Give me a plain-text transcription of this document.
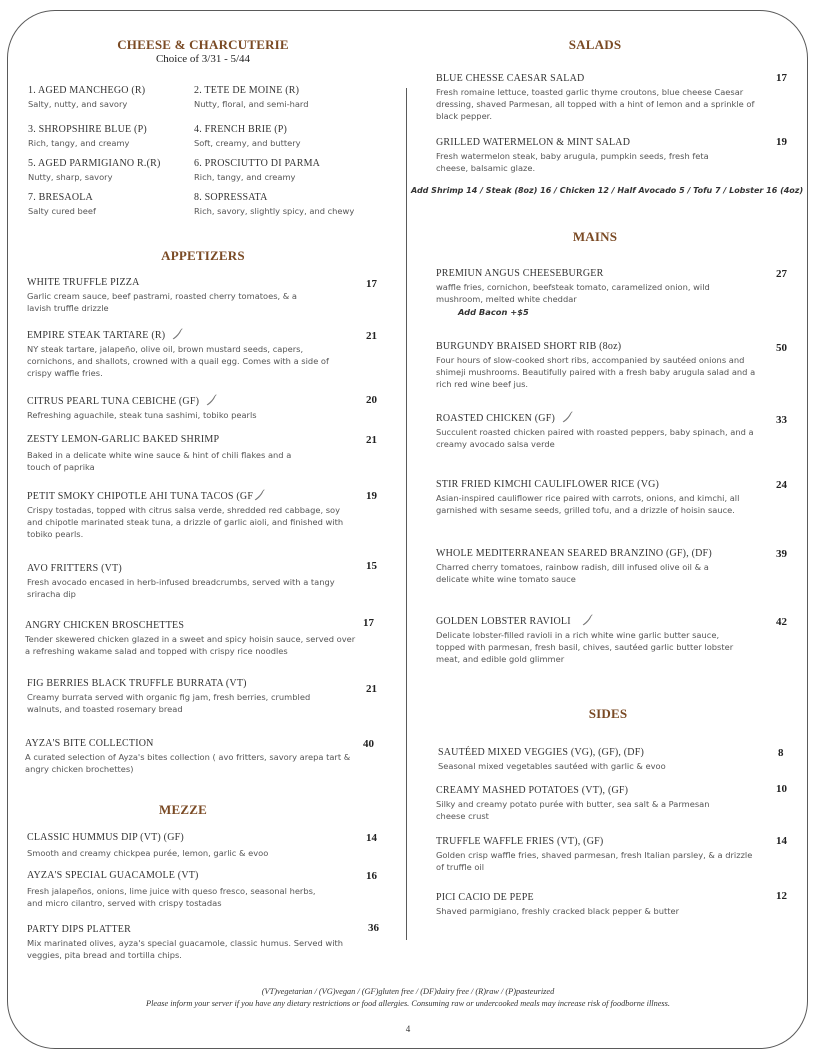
CHEESE & CHARCUTERIE
Choice of 3/31 - 5/44
1. AGED MANCHEGO (R)
Salty, nutty, and savory
2. TETE DE MOINE (R)
Nutty, floral, and semi-hard
3. SHROPSHIRE BLUE (P)
Rich, tangy, and creamy
4. FRENCH BRIE (P)
Soft, creamy, and buttery
5. AGED PARMIGIANO R.(R)
Nutty, sharp, savory
6. PROSCIUTTO DI PARMA
Rich, tangy, and creamy
7. BRESAOLA
Salty cured beef
8. SOPRESSATA
Rich, savory, slightly spicy, and chewy
APPETIZERS
WHITE TRUFFLE PIZZA
Garlic cream sauce, beef pastrami, roasted cherry tomatoes, & a lavish truffle drizzle
17
EMPIRE STEAK TARTARE (R)
NY steak tartare, jalapeño, olive oil, brown mustard seeds, capers, cornichons, and shallots, crowned with a quail egg. Comes with a side of crispy waffle fries.
21
CITRUS PEARL TUNA CEBICHE (GF)
Refreshing aguachile, steak tuna sashimi, tobiko pearls
20
ZESTY LEMON-GARLIC BAKED SHRIMP
Baked in a delicate white wine sauce & hint of chili flakes and a touch of paprika
21
PETIT SMOKY CHIPOTLE AHI TUNA TACOS (GF
Crispy tostadas, topped with citrus salsa verde, shredded red cabbage, soy and chipotle marinated steak tuna, a drizzle of garlic aioli, and finished with tobiko pearls.
19
AVO FRITTERS (VT)
Fresh avocado encased in herb-infused breadcrumbs, served with a tangy sriracha dip
15
ANGRY CHICKEN BROSCHETTES
Tender skewered chicken glazed in a sweet and spicy hoisin sauce, served over a refreshing wakame salad and topped with crispy rice noodles
17
FIG BERRIES BLACK TRUFFLE BURRATA (VT)
Creamy burrata served with organic fig jam, fresh berries, crumbled walnuts, and toasted rosemary bread
21
AYZA'S BITE COLLECTION
A curated selection of Ayza's bites collection ( avo fritters, savory arepa tart & angry chicken brochettes)
40
MEZZE
CLASSIC HUMMUS DIP (VT) (GF)
Smooth and creamy chickpea purée, lemon, garlic & evoo
14
AYZA'S SPECIAL GUACAMOLE (VT)
Fresh jalapeños, onions, lime juice with queso fresco, seasonal herbs, and micro cilantro, served with crispy tostadas
16
PARTY DIPS PLATTER
Mix marinated olives, ayza's special guacamole, classic humus. Served with veggies, pita bread and tortilla chips.
36
SALADS
BLUE CHESSE CAESAR SALAD
Fresh romaine lettuce, toasted garlic thyme croutons, blue cheese Caesar dressing, shaved Parmesan, all topped with a hint of lemon and a sprinkle of black pepper.
17
GRILLED WATERMELON & MINT SALAD
Fresh watermelon steak, baby arugula, pumpkin seeds, fresh feta cheese, balsamic glaze.
19
Add Shrimp 14 / Steak (8oz) 16 / Chicken 12 / Half Avocado 5 / Tofu 7 / Lobster 16 (4oz)
MAINS
PREMIUN ANGUS CHEESEBURGER
waffle fries, cornichon, beefsteak tomato, caramelized onion, wild mushroom, melted white cheddar
Add Bacon +$5
27
BURGUNDY BRAISED SHORT RIB (8oz)
Four hours of slow-cooked short ribs, accompanied by sautéed onions and shimeji mushrooms. Beautifully paired with a fresh baby arugula salad and a rich red wine beef jus.
50
ROASTED CHICKEN (GF)
Succulent roasted chicken paired with roasted peppers, baby spinach, and a creamy avocado salsa verde
33
STIR FRIED KIMCHI CAULIFLOWER RICE (VG)
Asian-inspired cauliflower rice paired with carrots, onions, and kimchi, all garnished with sesame seeds, grilled tofu, and a drizzle of hoisin sauce.
24
WHOLE MEDITERRANEAN SEARED BRANZINO (GF), (DF)
Charred cherry tomatoes, rainbow radish, dill infused olive oil & a delicate white wine tomato sauce
39
GOLDEN LOBSTER RAVIOLI
Delicate lobster-filled ravioli in a rich white wine garlic butter sauce, topped with parmesan, fresh basil, chives, sautéed garlic butter lobster meat, and edible gold glimmer
42
SIDES
SAUTÉED MIXED VEGGIES (VG), (GF), (DF)
Seasonal mixed vegetables sautéed with garlic & evoo
8
CREAMY MASHED POTATOES (VT), (GF)
Silky and creamy potato purée with butter, sea salt & a Parmesan cheese crust
10
TRUFFLE WAFFLE FRIES (VT), (GF)
Golden crisp waffle fries, shaved parmesan, fresh Italian parsley, & a drizzle of truffle oil
14
PICI CACIO DE PEPE
Shaved parmigiano, freshly cracked black pepper & butter
12
(VT)vegetarian / (VG)vegan / (GF)gluten free / (DF)dairy free / (R)raw / (P)pasteurized
Please inform your server if you have any dietary restrictions or food allergies. Consuming raw or undercooked meals may increase risk of foodborne illness.
4
